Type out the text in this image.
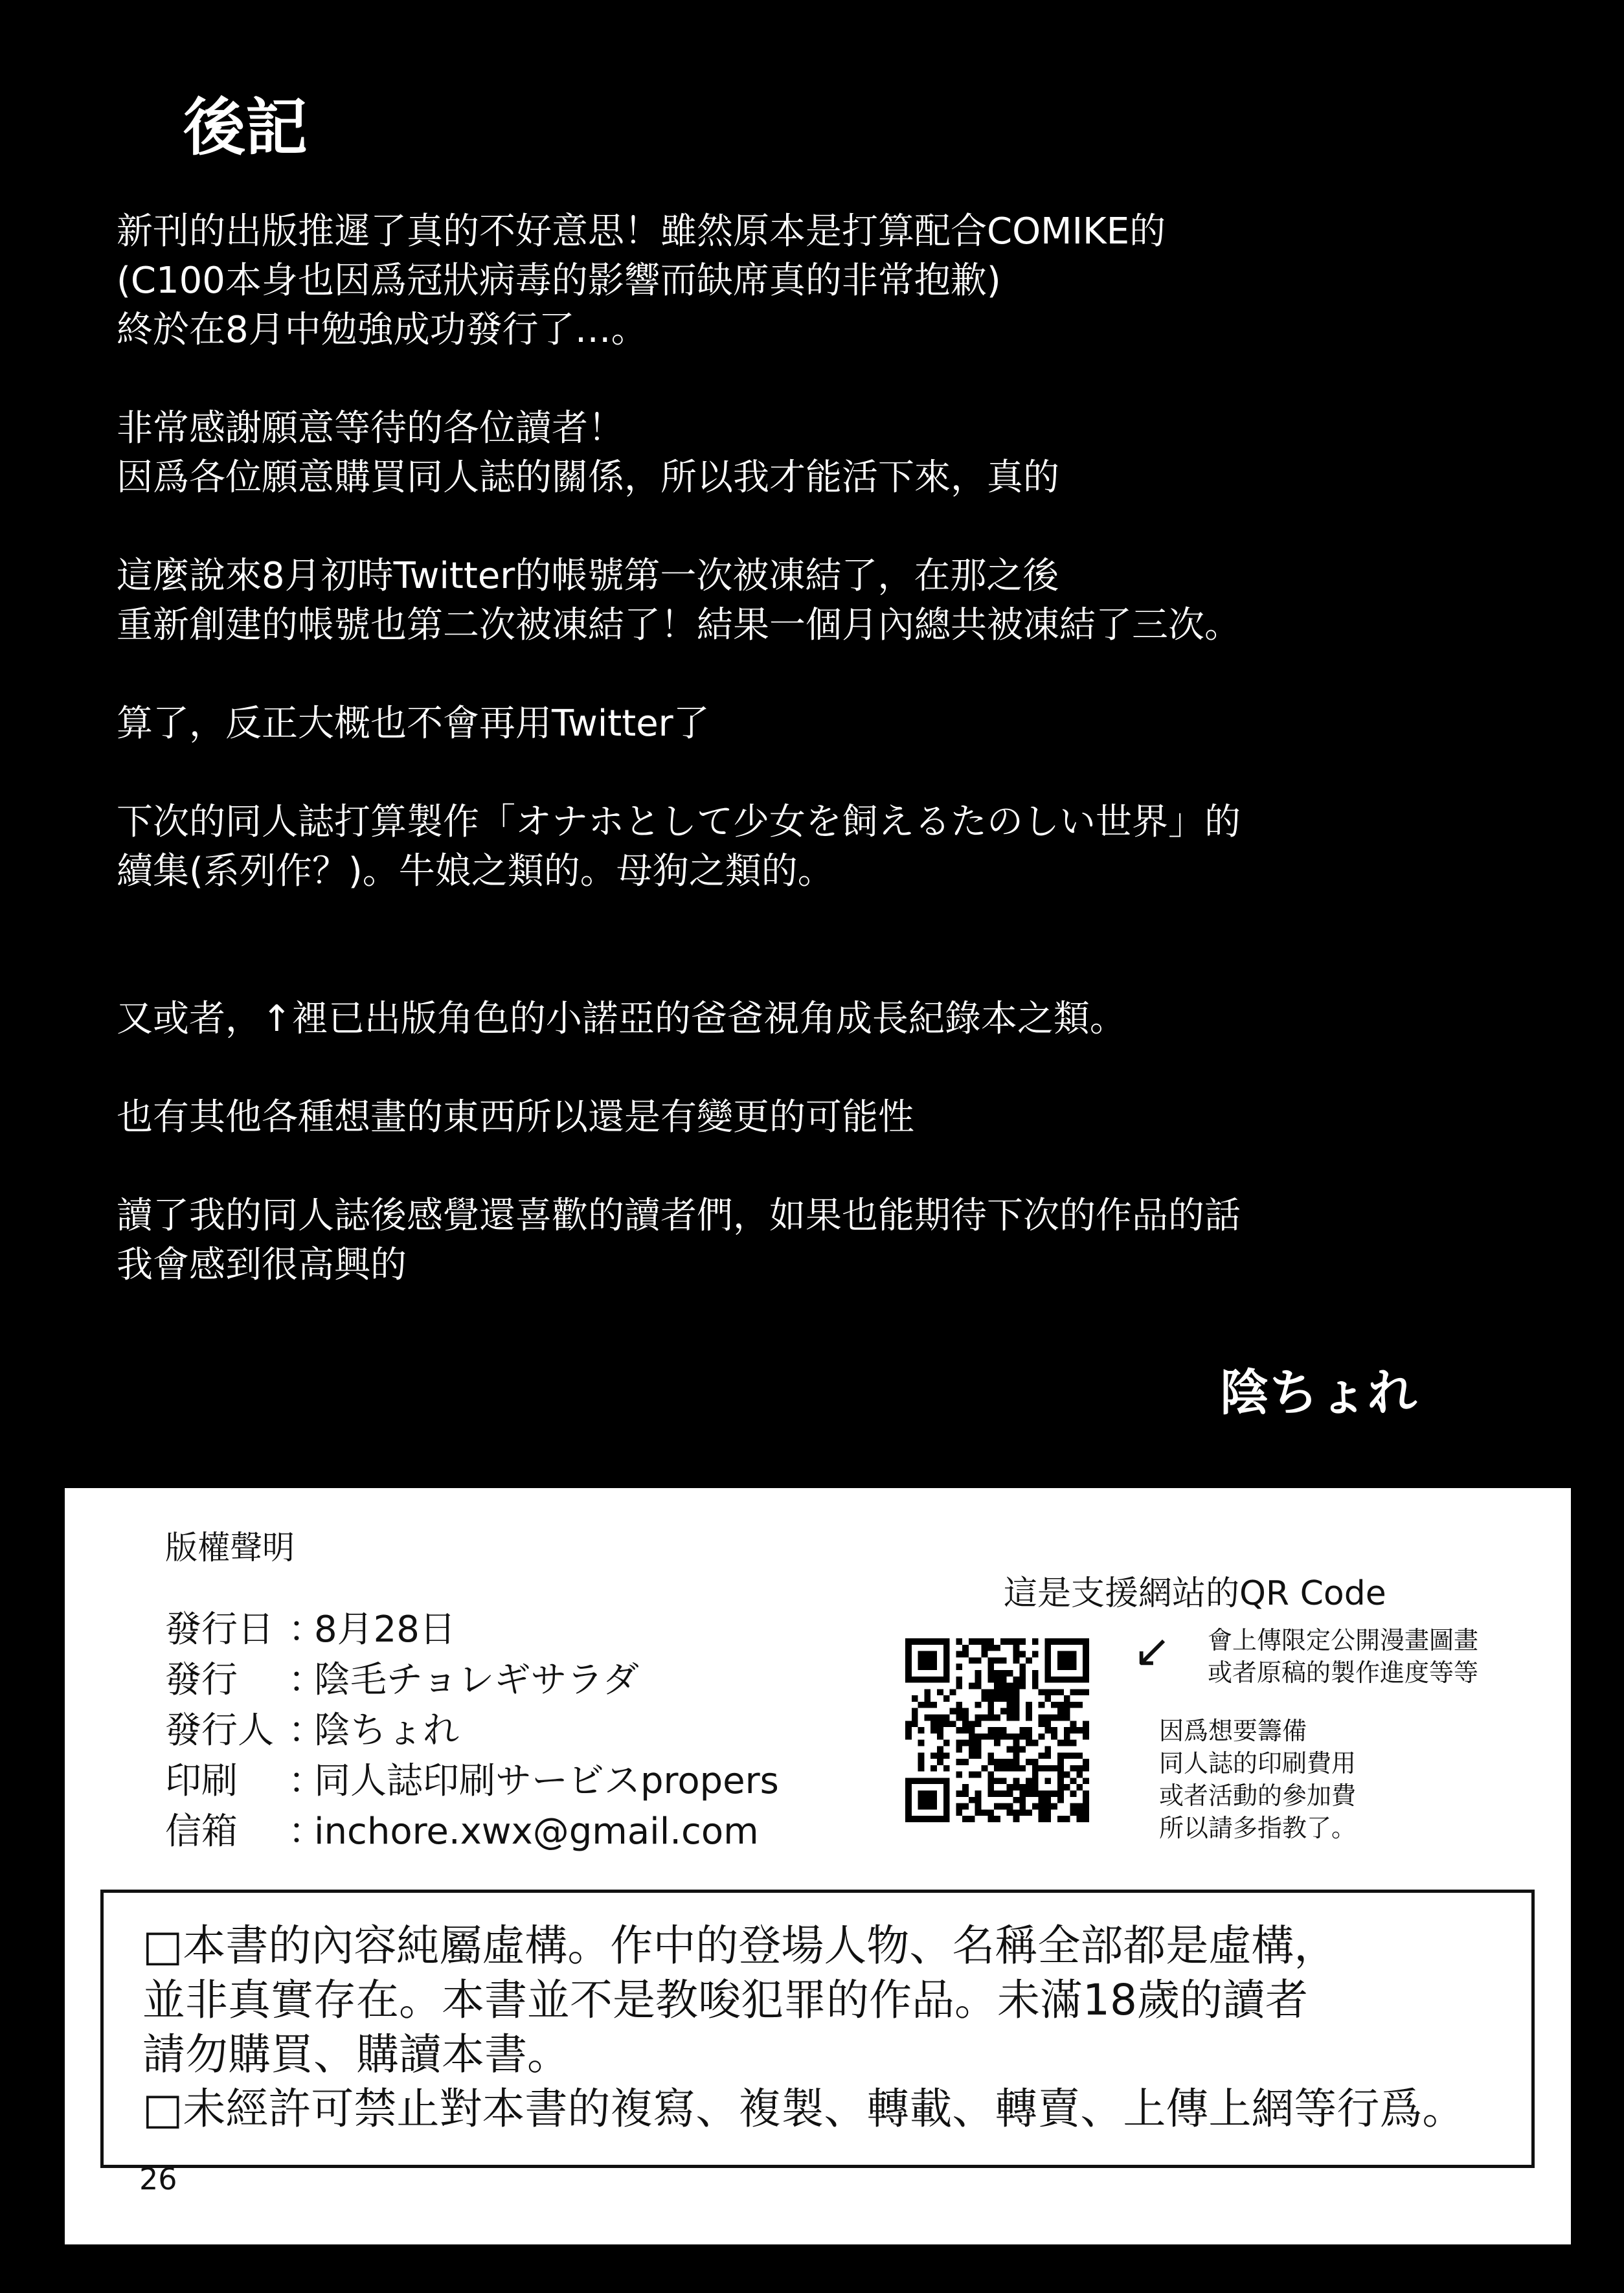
後記
新刊的出版推遲了真的不好意思！雖然原本是打算配合COMIKE的
(C100本身也因爲冠狀病毒的影響而缺席真的非常抱歉)
終於在8月中勉強成功發行了…。
非常感謝願意等待的各位讀者！
因爲各位願意購買同人誌的關係，所以我才能活下來，真的
這麼說來8月初時Twitter的帳號第一次被凍結了，在那之後
重新創建的帳號也第二次被凍結了！結果一個月內總共被凍結了三次。
算了，反正大概也不會再用Twitter了
下次的同人誌打算製作「オナホとして少女を飼えるたのしい世界」的
續集(系列作？)。牛娘之類的。母狗之類的。
又或者，↑裡已出版角色的小諾亞的爸爸視角成長紀錄本之類。
也有其他各種想畫的東西所以還是有變更的可能性
讀了我的同人誌後感覺還喜歡的讀者們，如果也能期待下次的作品的話
我會感到很高興的
陰ちょれ
版權聲明
發行日 ：
8月28日
發行　 ：
陰毛チョレギサラダ
發行人 ：
陰ちょれ
印刷　 ：
同人誌印刷サービスpropers
信箱　 ：
inchore.xwx@gmail.com
這是支援網站的QR Code
↙ 會上傳限定公開漫畫圖畫
或者原稿的製作進度等等
因爲想要籌備
同人誌的印刷費用
或者活動的參加費
所以請多指教了。
□本書的內容純屬虛構。作中的登場人物、名稱全部都是虛構，
並非真實存在。本書並不是教唆犯罪的作品。未滿18歲的讀者
請勿購買、購讀本書。
□未經許可禁止對本書的複寫、複製、轉載、轉賣、上傳上網等行爲。
26
